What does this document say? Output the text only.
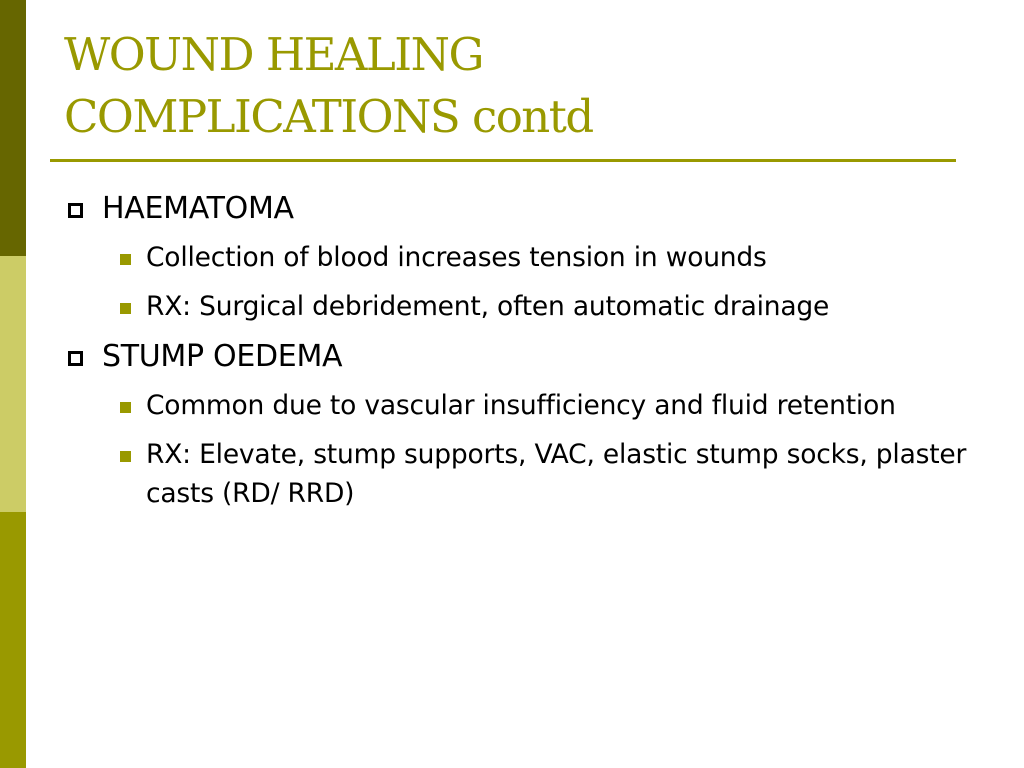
WOUND HEALING
COMPLICATIONS contd
HAEMATOMA
Collection of blood increases tension in wounds
RX: Surgical debridement, often automatic drainage
STUMP OEDEMA
Common due to vascular insufficiency and fluid retention
RX: Elevate, stump supports, VAC, elastic stump socks, plaster casts (RD/ RRD)
